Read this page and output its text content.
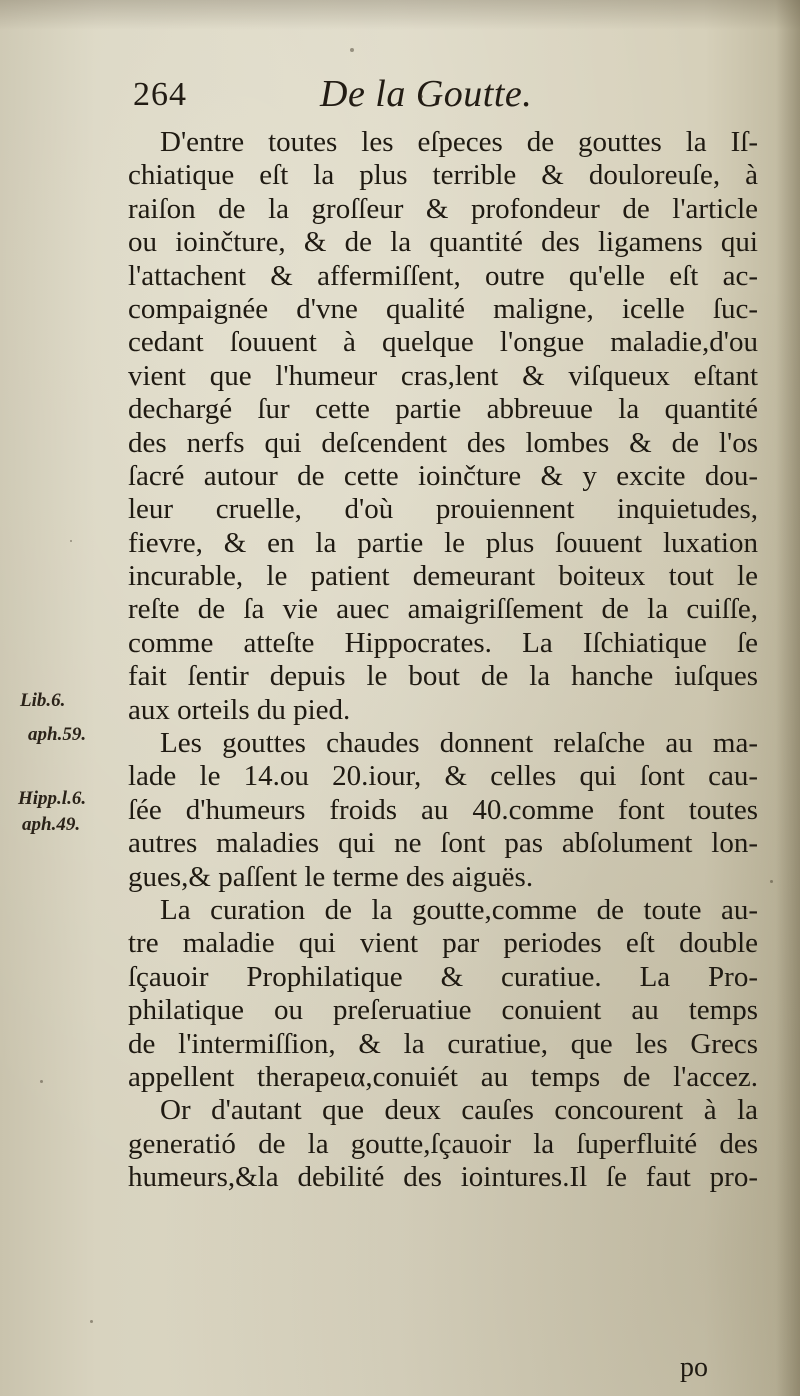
264	De la Goutte.
Lib.6.
aph.59.
Hipp.l.6.
aph.49.
D'entre toutes les eſpeces de gouttes la Iſ-
chiatique eſt la plus terrible & douloreuſe, à
raiſon de la groſſeur & profondeur de l'article
ou ioinčture, & de la quantité des ligamens qui
l'attachent & affermiſſent, outre qu'elle eſt ac-
compaignée d'vne qualité maligne, icelle ſuc-
cedant ſouuent à quelque l'ongue maladie,d'ou
vient que l'humeur cras,lent & viſqueux eſtant
dechargé ſur cette partie abbreuue la quantité
des nerfs qui deſcendent des lombes & de l'os
ſacré autour de cette ioinčture & y excite dou-
leur cruelle, d'où prouiennent inquietudes,
fievre, & en la partie le plus ſouuent luxation
incurable, le patient demeurant boiteux tout le
reſte de ſa vie auec amaigriſſement de la cuiſſe,
comme atteſte Hippocrates. La Iſchiatique ſe
fait ſentir depuis le bout de la hanche iuſques
aux orteils du pied.
Les gouttes chaudes donnent relaſche au ma-
lade le 14.ou 20.iour, & celles qui ſont cau-
ſée d'humeurs froids au 40.comme font toutes
autres maladies qui ne ſont pas abſolument lon-
gues,& paſſent le terme des aiguës.
La curation de la goutte,comme de toute au-
tre maladie qui vient par periodes eſt double
ſçauoir Prophilatique & curatiue. La Pro-
philatique ou preſeruatiue conuient au temps
de l'intermiſſion, & la curatiue, que les Grecs
appellent therapeια,conuiét au temps de l'accez.
Or d'autant que deux cauſes concourent à la
generatió de la goutte,ſçauoir la ſuperfluité des
humeurs,&la debilité des iointures.Il ſe faut pro-
po
